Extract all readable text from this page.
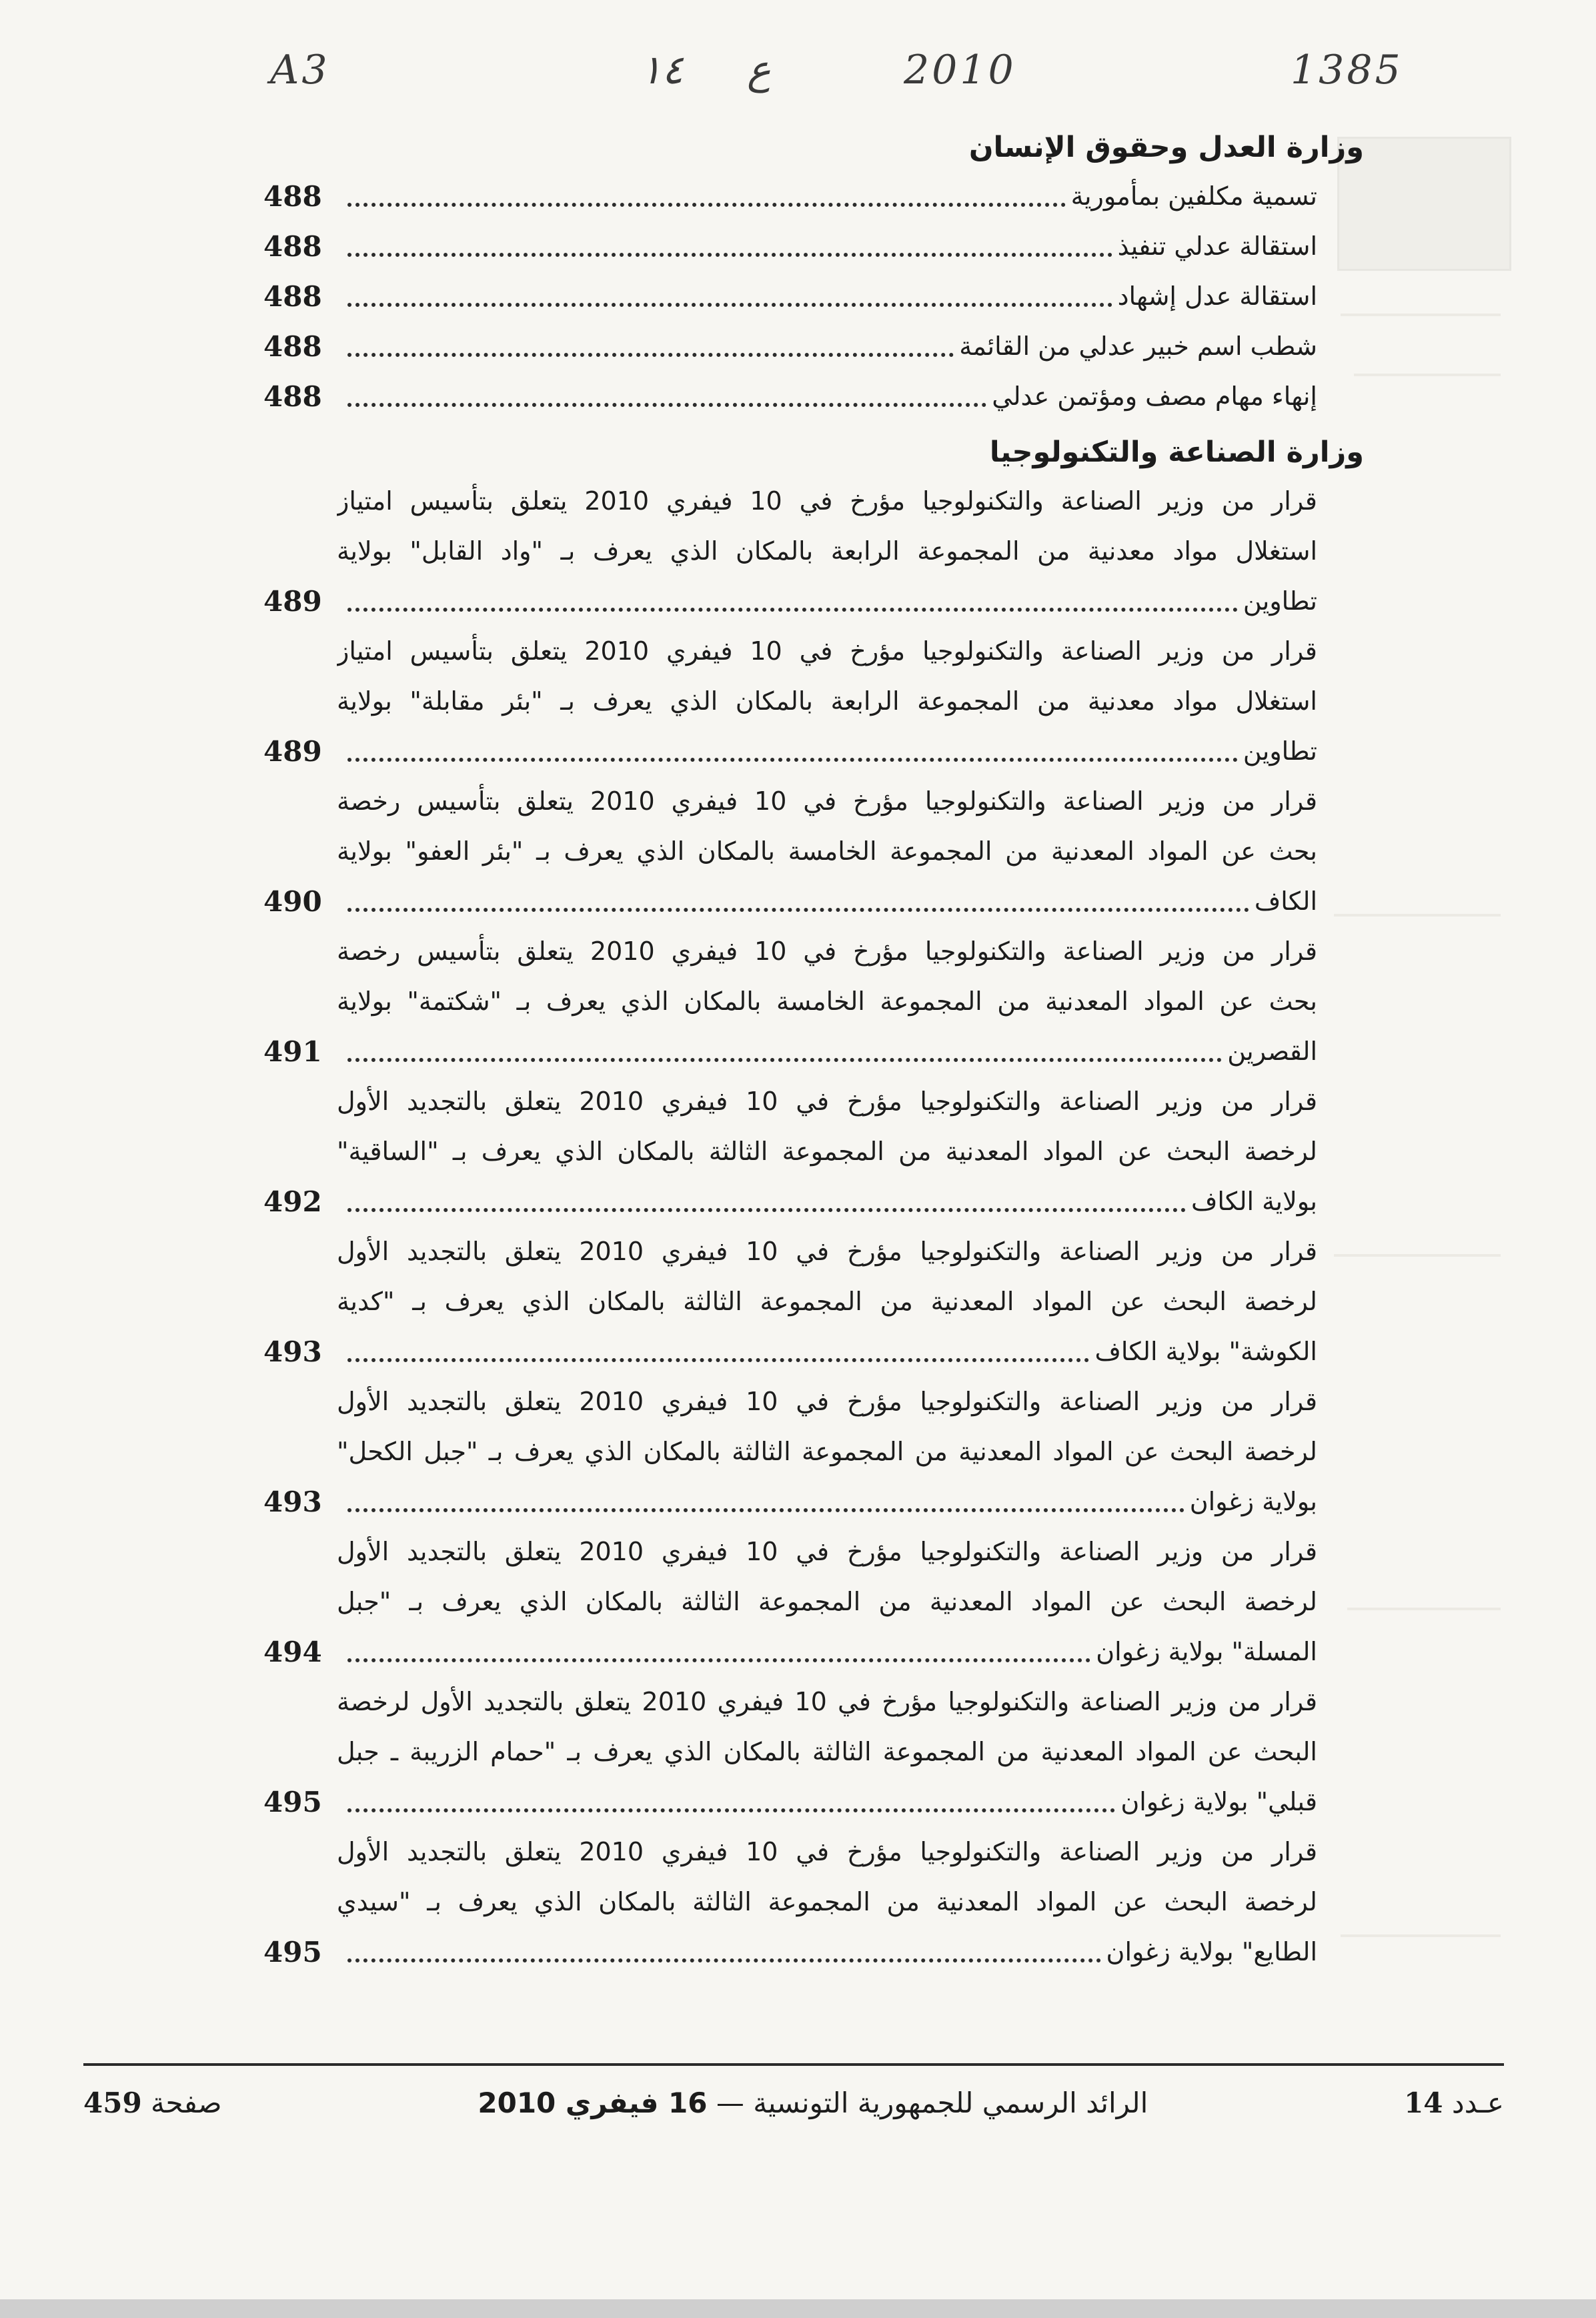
A3	١٤ ع	2010	1385
وزارة العدل وحقوق الإنسان
تسمية مكلفين بمأمورية
488
استقالة عدلي تنفيذ
488
استقالة عدل إشهاد
488
شطب اسم خبير عدلي من القائمة
488
إنهاء مهام مصف ومؤتمن عدلي
488
وزارة الصناعة والتكنولوجيا
قرار من وزير الصناعة والتكنولوجيا مؤرخ في 10 فيفري 2010 يتعلق بتأسيس امتياز
استغلال مواد معدنية من المجموعة الرابعة بالمكان الذي يعرف بـ "واد القابل" بولاية
تطاوين
489
قرار من وزير الصناعة والتكنولوجيا مؤرخ في 10 فيفري 2010 يتعلق بتأسيس امتياز
استغلال مواد معدنية من المجموعة الرابعة بالمكان الذي يعرف بـ "بئر مقابلة" بولاية
تطاوين
489
قرار من وزير الصناعة والتكنولوجيا مؤرخ في 10 فيفري 2010 يتعلق بتأسيس رخصة
بحث عن المواد المعدنية من المجموعة الخامسة بالمكان الذي يعرف بـ "بئر العفو" بولاية
الكاف
490
قرار من وزير الصناعة والتكنولوجيا مؤرخ في 10 فيفري 2010 يتعلق بتأسيس رخصة
بحث عن المواد المعدنية من المجموعة الخامسة بالمكان الذي يعرف بـ "شكتمة" بولاية
القصرين
491
قرار من وزير الصناعة والتكنولوجيا مؤرخ في 10 فيفري 2010 يتعلق بالتجديد الأول
لرخصة البحث عن المواد المعدنية من المجموعة الثالثة بالمكان الذي يعرف بـ "الساقية"
بولاية الكاف
492
قرار من وزير الصناعة والتكنولوجيا مؤرخ في 10 فيفري 2010 يتعلق بالتجديد الأول
لرخصة البحث عن المواد المعدنية من المجموعة الثالثة بالمكان الذي يعرف بـ "كدية
الكوشة" بولاية الكاف
493
قرار من وزير الصناعة والتكنولوجيا مؤرخ في 10 فيفري 2010 يتعلق بالتجديد الأول
لرخصة البحث عن المواد المعدنية من المجموعة الثالثة بالمكان الذي يعرف بـ "جبل الكحل"
بولاية زغوان
493
قرار من وزير الصناعة والتكنولوجيا مؤرخ في 10 فيفري 2010 يتعلق بالتجديد الأول
لرخصة البحث عن المواد المعدنية من المجموعة الثالثة بالمكان الذي يعرف بـ "جبل
المسلة" بولاية زغوان
494
قرار من وزير الصناعة والتكنولوجيا مؤرخ في 10 فيفري 2010 يتعلق بالتجديد الأول لرخصة
البحث عن المواد المعدنية من المجموعة الثالثة بالمكان الذي يعرف بـ "حمام الزريبة ـ جبل
قبلي" بولاية زغوان
495
قرار من وزير الصناعة والتكنولوجيا مؤرخ في 10 فيفري 2010 يتعلق بالتجديد الأول
لرخصة البحث عن المواد المعدنية من المجموعة الثالثة بالمكان الذي يعرف بـ "سيدي
الطايع" بولاية زغوان
495
صفحة 459	الرائد الرسمي للجمهورية التونسية — 16 فيفري 2010	عـدد 14
